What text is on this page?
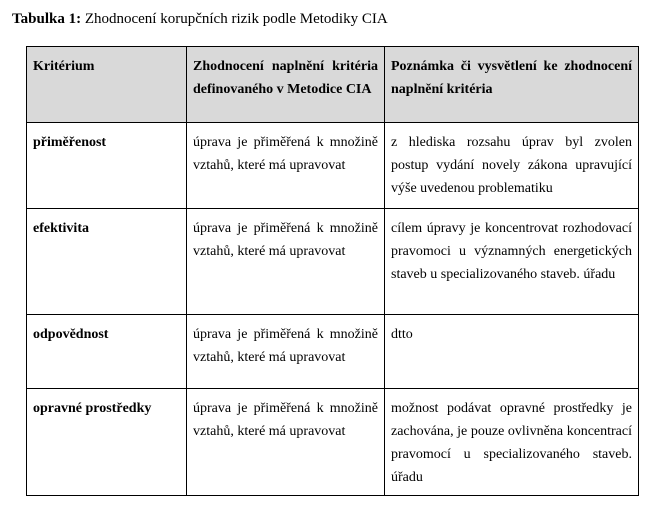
Tabulka 1: Zhodnocení korupčních rizik podle Metodiky CIA
Kritérium	Zhodnocení naplnění kritéria definovaného v Metodice CIA	Poznámka či vysvětlení ke zhodnocení naplnění kritéria
přiměřenost	úprava je přiměřená k množině vztahů, které má upravovat	z hlediska rozsahu úprav byl zvolen postup vydání novely zákona upravující výše uvedenou problematiku
efektivita	úprava je přiměřená k množině vztahů, které má upravovat	cílem úpravy je koncentrovat rozhodovací pravomoci u významných energetických staveb u specializovaného staveb. úřadu
odpovědnost	úprava je přiměřená k množině vztahů, které má upravovat	dtto
opravné prostředky	úprava je přiměřená k množině vztahů, které má upravovat	možnost podávat opravné prostředky je zachována, je pouze ovlivněna koncentrací pravomocí u specializovaného staveb. úřadu
